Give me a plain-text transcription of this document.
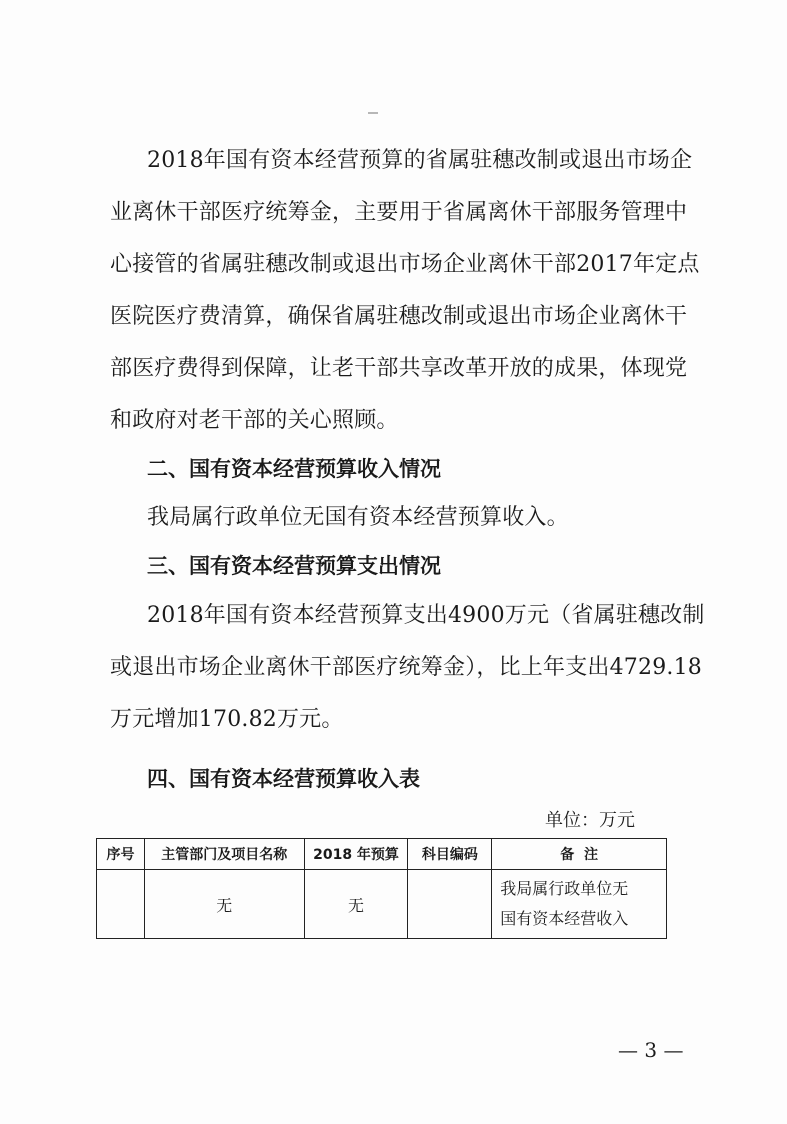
2018年国有资本经营预算的省属驻穗改制或退出市场企
业离休干部医疗统筹金，主要用于省属离休干部服务管理中
心接管的省属驻穗改制或退出市场企业离休干部2017年定点
医院医疗费清算，确保省属驻穗改制或退出市场企业离休干
部医疗费得到保障，让老干部共享改革开放的成果，体现党
和政府对老干部的关心照顾。
二、国有资本经营预算收入情况
我局属行政单位无国有资本经营预算收入。
三、国有资本经营预算支出情况
2018年国有资本经营预算支出4900万元（省属驻穗改制
或退出市场企业离休干部医疗统筹金），比上年支出4729.18
万元增加170.82万元。
四、国有资本经营预算收入表
单位：万元
序号	主管部门及项目名称	2018 年预算	科目编码	备  注
	无	无		我局属行政单位无
国有资本经营收入
— 3 —
